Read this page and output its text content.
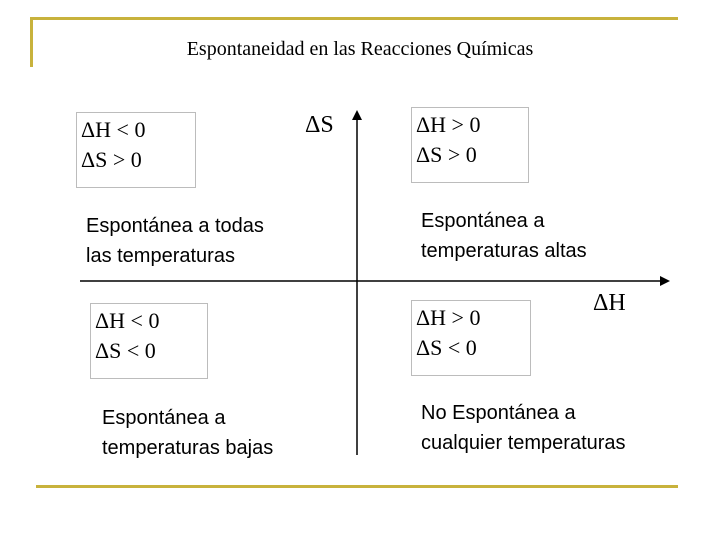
Espontaneidad en las Reacciones Químicas
ΔS
ΔH
ΔH < 0
ΔS > 0
Espontánea a todas
las temperaturas
ΔH > 0
ΔS > 0
Espontánea a
temperaturas altas
ΔH < 0
ΔS < 0
Espontánea a
temperaturas bajas
ΔH > 0
ΔS < 0
No Espontánea a
cualquier temperaturas
